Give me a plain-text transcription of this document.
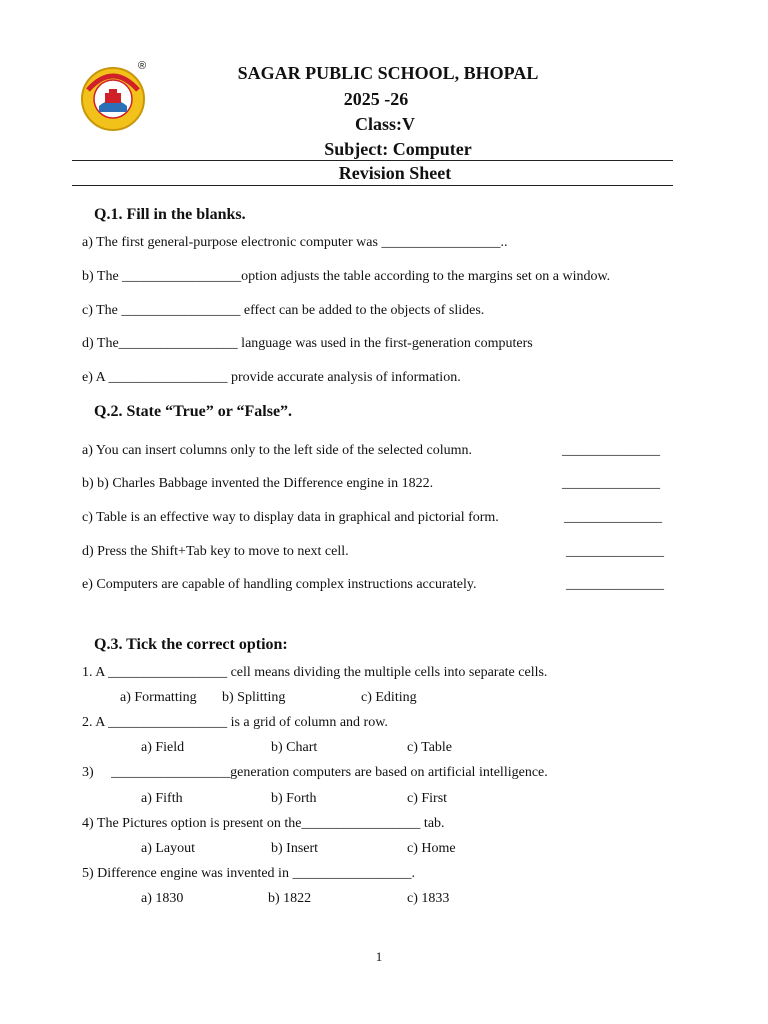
®	SAGAR PUBLIC SCHOOL, BHOPAL
2025 -26
Class:V
Subject: Computer
Revision Sheet
Q.1. Fill in the blanks.
a) The first general-purpose electronic computer was _________________..
b) The _________________option adjusts the table according to the margins set on a window.
c) The _________________ effect can be added to the objects of slides.
d) The_________________ language was used in the first-generation computers
e) A _________________ provide accurate analysis of information.
Q.2. State “True” or “False”.
a) You can insert columns only to the left side of the selected column.	______________
b) b) Charles Babbage invented the Difference engine in 1822.	______________
c) Table is an effective way to display data in graphical and pictorial form.	______________
d) Press the Shift+Tab key to move to next cell.	______________
e) Computers are capable of handling complex instructions accurately.	______________
Q.3. Tick the correct option:
1. A _________________ cell means dividing the multiple cells into separate cells.
a) Formatting b) Splitting	c) Editing
2. A _________________ is a grid of column and row.
a) Field	b) Chart	c) Table
3)     _________________generation computers are based on artificial intelligence.
a) Fifth	b) Forth	c) First
4) The Pictures option is present on the_________________ tab.
a) Layout	b) Insert	c) Home
5) Difference engine was invented in _________________.
a) 1830	b) 1822	c) 1833
1
